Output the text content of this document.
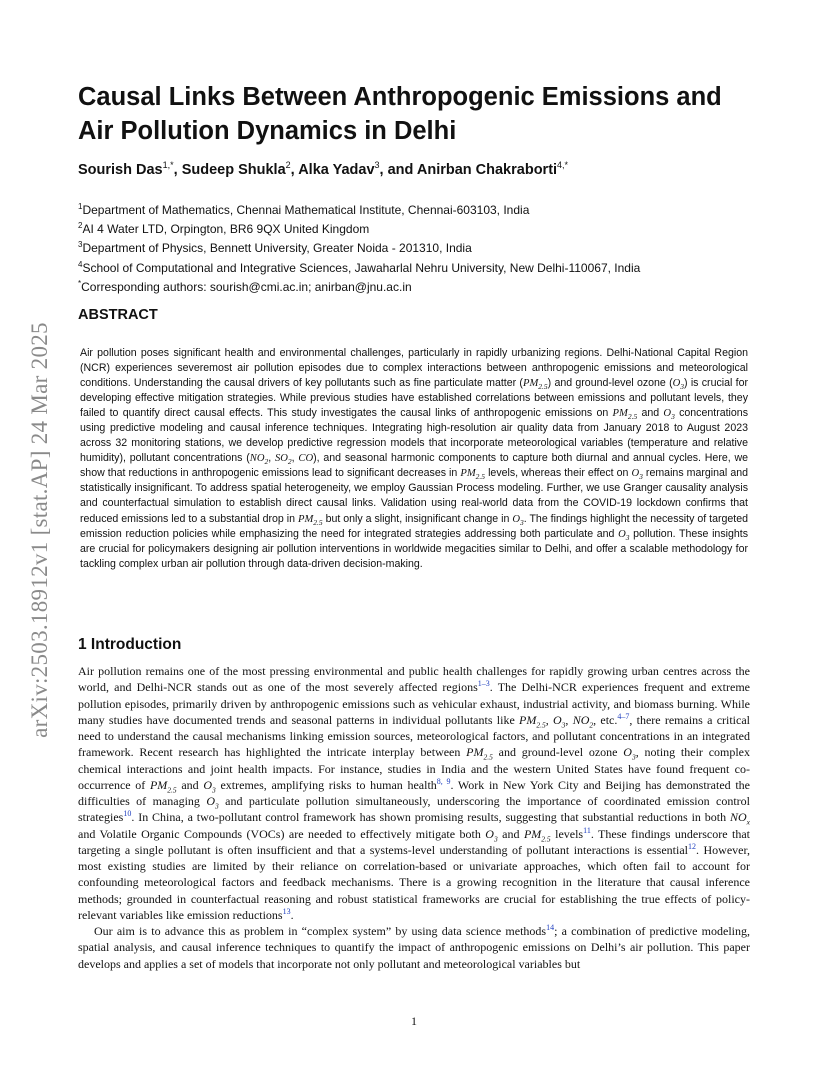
arXiv:2503.18912v1 [stat.AP] 24 Mar 2025
Causal Links Between Anthropogenic Emissions and
Air Pollution Dynamics in Delhi
Sourish Das$^{1,*}$, Sudeep Shukla$^2$, Alka Yadav$^3$, and Anirban Chakraborti$^{4,*}$
$^1$Department of Mathematics, Chennai Mathematical Institute, Chennai-603103, India
$^2$AI 4 Water LTD, Orpington, BR6 9QX United Kingdom
$^3$Department of Physics, Bennett University, Greater Noida - 201310, India
$^4$School of Computational and Integrative Sciences, Jawaharlal Nehru University, New Delhi-110067, India
*Corresponding authors: sourish@cmi.ac.in; anirban@jnu.ac.in
ABSTRACT
Air pollution poses significant health and environmental challenges, particularly in rapidly urbanizing regions. Delhi-National Capital Region (NCR) experiences severemost air pollution episodes due to complex interactions between anthropogenic emissions and meteorological conditions. Understanding the causal drivers of key pollutants such as fine particulate matter $(PM_{2.5})$ and ground-level ozone $(O_3)$ is crucial for developing effective mitigation strategies. While previous studies have established correlations between emissions and pollutant levels, they failed to quantify direct causal effects. This study investigates the causal links of anthropogenic emissions on $PM_{2.5}$ and $O_3$ concentrations using predictive modeling and causal inference techniques. Integrating high-resolution air quality data from January 2018 to August 2023 across 32 monitoring stations, we develop predictive regression models that incorporate meteorological variables (temperature and relative humidity), pollutant concentrations ($NO_2$, $SO_2$, CO), and seasonal harmonic components to capture both diurnal and annual cycles. Here, we show that reductions in anthropogenic emissions lead to significant decreases in $PM_{2.5}$ levels, whereas their effect on $O_3$ remains marginal and statistically insignificant. To address spatial heterogeneity, we employ Gaussian Process modeling. Further, we use Granger causality analysis and counterfactual simulation to establish direct causal links. Validation using real-world data from the COVID-19 lockdown confirms that reduced emissions led to a substantial drop in $PM_{2.5}$ but only a slight, insignificant change in $O_3$. The findings highlight the necessity of targeted emission reduction policies while emphasizing the need for integrated strategies addressing both particulate and $O_3$ pollution. These insights are crucial for policymakers designing air pollution interventions in worldwide megacities similar to Delhi, and offer a scalable methodology for tackling complex urban air pollution through data-driven decision-making.
1 Introduction

Air pollution remains one of the most pressing environmental and public health challenges for rapidly growing urban centres across the world, and Delhi-NCR stands out as one of the most severely affected regions$^{1-3}$. The Delhi-NCR experiences frequent and extreme pollution episodes, primarily driven by anthropogenic emissions such as vehicular exhaust, industrial activity, and biomass burning. While many studies have documented trends and seasonal patterns in individual pollutants like $PM_{2.5}$, $O_3$, $NO_2$, etc.$^{4-7}$, there remains a critical need to understand the causal mechanisms linking emission sources, meteorological factors, and pollutant concentrations in an integrated framework. Recent research has highlighted the intricate interplay between $PM_{2.5}$ and ground-level ozone $O_3$, noting their complex chemical interactions and joint health impacts. For instance, studies in India and the western United States have found frequent co-occurrence of $PM_{2.5}$ and $O_3$ extremes, amplifying risks to human health$^{8, 9}$. Work in New York City and Beijing has demonstrated the difficulties of managing $O_3$ and particulate pollution simultaneously, underscoring the importance of coordinated emission control strategies$^{10}$. In China, a two-pollutant control framework has shown promising results, suggesting that substantial reductions in both $NO_x$ and Volatile Organic Compounds (VOCs) are needed to effectively mitigate both $O_3$ and $PM_{2.5}$ levels$^{11}$. These findings underscore that targeting a single pollutant is often insufficient and that a systems-level understanding of pollutant interactions is essential$^{12}$. However, most existing studies are limited by their reliance on correlation-based or univariate approaches, which often fail to account for confounding meteorological factors and feedback mechanisms. There is a growing recognition in the literature that causal inference methods; grounded in counterfactual reasoning and robust statistical frameworks are crucial for establishing the true effects of policy-relevant variables like emission reductions$^{13}$.

Our aim is to advance this as problem in “complex system” by using data science methods$^{14}$; a combination of predictive modeling, spatial analysis, and causal inference techniques to quantify the impact of anthropogenic emissions on Delhi’s air pollution. This paper develops and applies a set of models that incorporate not only pollutant and meteorological variables but

1
